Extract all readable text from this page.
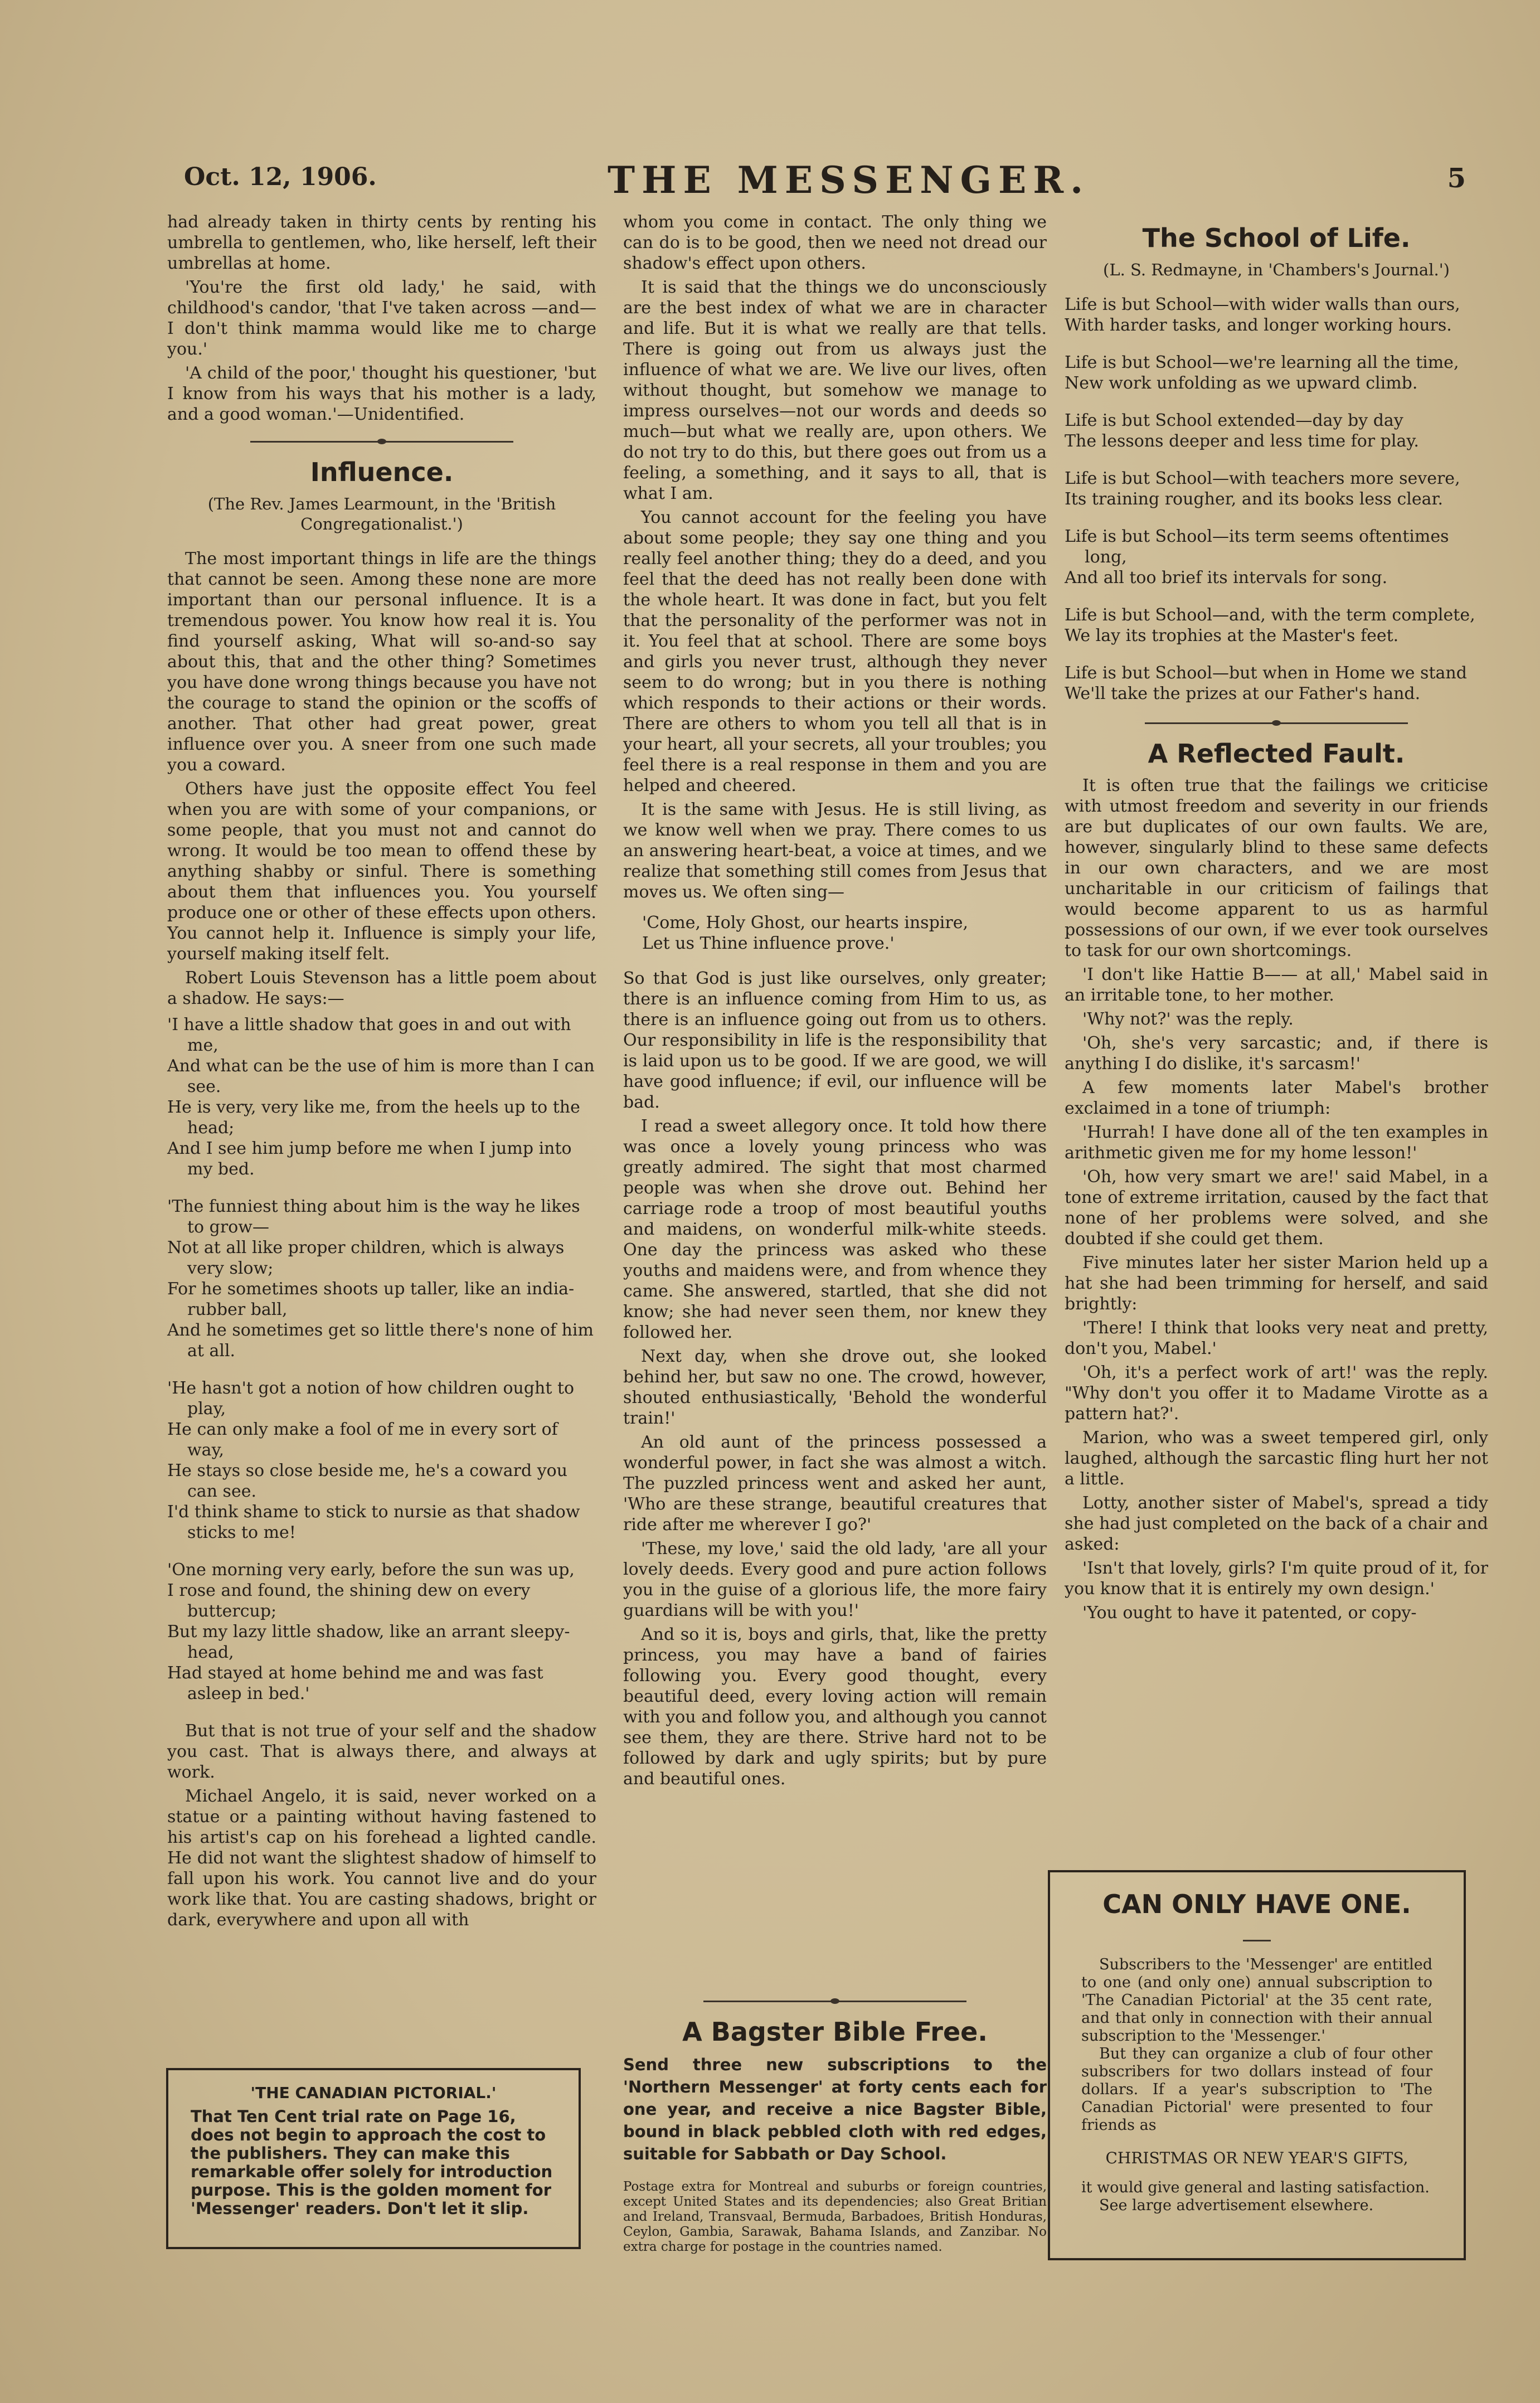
Oct. 12, 1906.	THE MESSENGER.	5

had already taken in thirty cents by renting his umbrella to gentlemen, who, like herself, left their umbrellas at home.

'You're the first old lady,' he said, with childhood's candor, 'that I've taken across —and—I don't think mamma would like me to charge you.'

'A child of the poor,' thought his questioner, 'but I know from his ways that his mother is a lady, and a good woman.'—Unidentified.

Influence.
(The Rev. James Learmount, in the 'British Congregationalist.')

The most important things in life are the things that cannot be seen. Among these none are more important than our personal influence. It is a tremendous power. You know how real it is. You find yourself asking, What will so-and-so say about this, that and the other thing? Sometimes you have done wrong things because you have not the courage to stand the opinion or the scoffs of another. That other had great power, great influence over you. A sneer from one such made you a coward.

Others have just the opposite effect You feel when you are with some of your companions, or some people, that you must not and cannot do wrong. It would be too mean to offend these by anything shabby or sinful. There is something about them that influences you. You yourself produce one or other of these effects upon others. You cannot help it. Influence is simply your life, yourself making itself felt.

Robert Louis Stevenson has a little poem about a shadow. He says:—

'I have a little shadow that goes in and out with me,
And what can be the use of him is more than I can see.
He is very, very like me, from the heels up to the head;
And I see him jump before me when I jump into my bed.
'The funniest thing about him is the way he likes to grow—
Not at all like proper children, which is always very slow;
For he sometimes shoots up taller, like an india-rubber ball,
And he sometimes get so little there's none of him at all.
'He hasn't got a notion of how children ought to play,
He can only make a fool of me in every sort of way,
He stays so close beside me, he's a coward you can see.
I'd think shame to stick to nursie as that shadow sticks to me!
'One morning very early, before the sun was up,
I rose and found, the shining dew on every buttercup;
But my lazy little shadow, like an arrant sleepy-head,
Had stayed at home behind me and was fast asleep in bed.'

But that is not true of your self and the shadow you cast. That is always there, and always at work.

Michael Angelo, it is said, never worked on a statue or a painting without having fastened to his artist's cap on his forehead a lighted candle. He did not want the slightest shadow of himself to fall upon his work. You cannot live and do your work like that. You are casting shadows, bright or dark, everywhere and upon all with

whom you come in contact. The only thing we can do is to be good, then we need not dread our shadow's effect upon others.

It is said that the things we do unconsciously are the best index of what we are in character and life. But it is what we really are that tells. There is going out from us always just the influence of what we are. We live our lives, often without thought, but somehow we manage to impress ourselves—not our words and deeds so much—but what we really are, upon others. We do not try to do this, but there goes out from us a feeling, a something, and it says to all, that is what I am.

You cannot account for the feeling you have about some people; they say one thing and you really feel another thing; they do a deed, and you feel that the deed has not really been done with the whole heart. It was done in fact, but you felt that the personality of the performer was not in it. You feel that at school. There are some boys and girls you never trust, although they never seem to do wrong; but in you there is nothing which responds to their actions or their words. There are others to whom you tell all that is in your heart, all your secrets, all your troubles; you feel there is a real response in them and you are helped and cheered.

It is the same with Jesus. He is still living, as we know well when we pray. There comes to us an answering heart-beat, a voice at times, and we realize that something still comes from Jesus that moves us. We often sing—

'Come, Holy Ghost, our hearts inspire,
Let us Thine influence prove.'

So that God is just like ourselves, only greater; there is an influence coming from Him to us, as there is an influence going out from us to others. Our responsibility in life is the responsibility that is laid upon us to be good. If we are good, we will have good influence; if evil, our influence will be bad.

I read a sweet allegory once. It told how there was once a lovely young princess who was greatly admired. The sight that most charmed people was when she drove out. Behind her carriage rode a troop of most beautiful youths and maidens, on wonderful milk-white steeds. One day the princess was asked who these youths and maidens were, and from whence they came. She answered, startled, that she did not know; she had never seen them, nor knew they followed her.

Next day, when she drove out, she looked behind her, but saw no one. The crowd, however, shouted enthusiastically, 'Behold the wonderful train!'

An old aunt of the princess possessed a wonderful power, in fact she was almost a witch. The puzzled princess went and asked her aunt, 'Who are these strange, beautiful creatures that ride after me wherever I go?'

'These, my love,' said the old lady, 'are all your lovely deeds. Every good and pure action follows you in the guise of a glorious life, the more fairy guardians will be with you!'

And so it is, boys and girls, that, like the pretty princess, you may have a band of fairies following you. Every good thought, every beautiful deed, every loving action will remain with you and follow you, and although you cannot see them, they are there. Strive hard not to be followed by dark and ugly spirits; but by pure and beautiful ones.

A Bagster Bible Free.
Send three new subscriptions to the 'Northern Messenger' at forty cents each for one year, and receive a nice Bagster Bible, bound in black pebbled cloth with red edges, suitable for Sabbath or Day School.
Postage extra for Montreal and suburbs or foreign countries, except United States and its dependencies; also Great Britian and Ireland, Transvaal, Bermuda, Barbadoes, British Honduras, Ceylon, Gambia, Sarawak, Bahama Islands, and Zanzibar. No extra charge for postage in the countries named.
The School of Life.
(L. S. Redmayne, in 'Chambers's Journal.')
Life is but School—with wider walls than ours,
With harder tasks, and longer working hours.
Life is but School—we're learning all the time,
New work unfolding as we upward climb.
Life is but School extended—day by day
The lessons deeper and less time for play.
Life is but School—with teachers more severe,
Its training rougher, and its books less clear.
Life is but School—its term seems oftentimes long,
And all too brief its intervals for song.
Life is but School—and, with the term complete,
We lay its trophies at the Master's feet.
Life is but School—but when in Home we stand
We'll take the prizes at our Father's hand.
A Reflected Fault.

It is often true that the failings we criticise with utmost freedom and severity in our friends are but duplicates of our own faults. We are, however, singularly blind to these same defects in our own characters, and we are most uncharitable in our criticism of failings that would become apparent to us as harmful possessions of our own, if we ever took ourselves to task for our own shortcomings.

'I don't like Hattie B—— at all,' Mabel said in an irritable tone, to her mother.

'Why not?' was the reply.

'Oh, she's very sarcastic; and, if there is anything I do dislike, it's sarcasm!'

A few moments later Mabel's brother exclaimed in a tone of triumph:

'Hurrah! I have done all of the ten examples in arithmetic given me for my home lesson!'

'Oh, how very smart we are!' said Mabel, in a tone of extreme irritation, caused by the fact that none of her problems were solved, and she doubted if she could get them.

Five minutes later her sister Marion held up a hat she had been trimming for herself, and said brightly:

'There! I think that looks very neat and pretty, don't you, Mabel.'

'Oh, it's a perfect work of art!' was the reply. "Why don't you offer it to Madame Virotte as a pattern hat?'.

Marion, who was a sweet tempered girl, only laughed, although the sarcastic fling hurt her not a little.

Lotty, another sister of Mabel's, spread a tidy she had just completed on the back of a chair and asked:

'Isn't that lovely, girls? I'm quite proud of it, for you know that it is entirely my own design.'

'You ought to have it patented, or copy-

'THE CANADIAN PICTORIAL.'
That Ten Cent trial rate on Page 16, does not begin to approach the cost to the publishers. They can make this remarkable offer solely for introduction purpose. This is the golden moment for 'Messenger' readers. Don't let it slip.
CAN ONLY HAVE ONE.
Subscribers to the 'Messenger' are entitled to one (and only one) annual subscription to 'The Canadian Pictorial' at the 35 cent rate, and that only in connection with their annual subscription to the 'Messenger.'
But they can organize a club of four other subscribers for two dollars instead of four dollars. If a year's subscription to 'The Canadian Pictorial' were presented to four friends as
CHRISTMAS OR NEW YEAR'S GIFTS,
it would give general and lasting satisfaction.
See large advertisement elsewhere.
